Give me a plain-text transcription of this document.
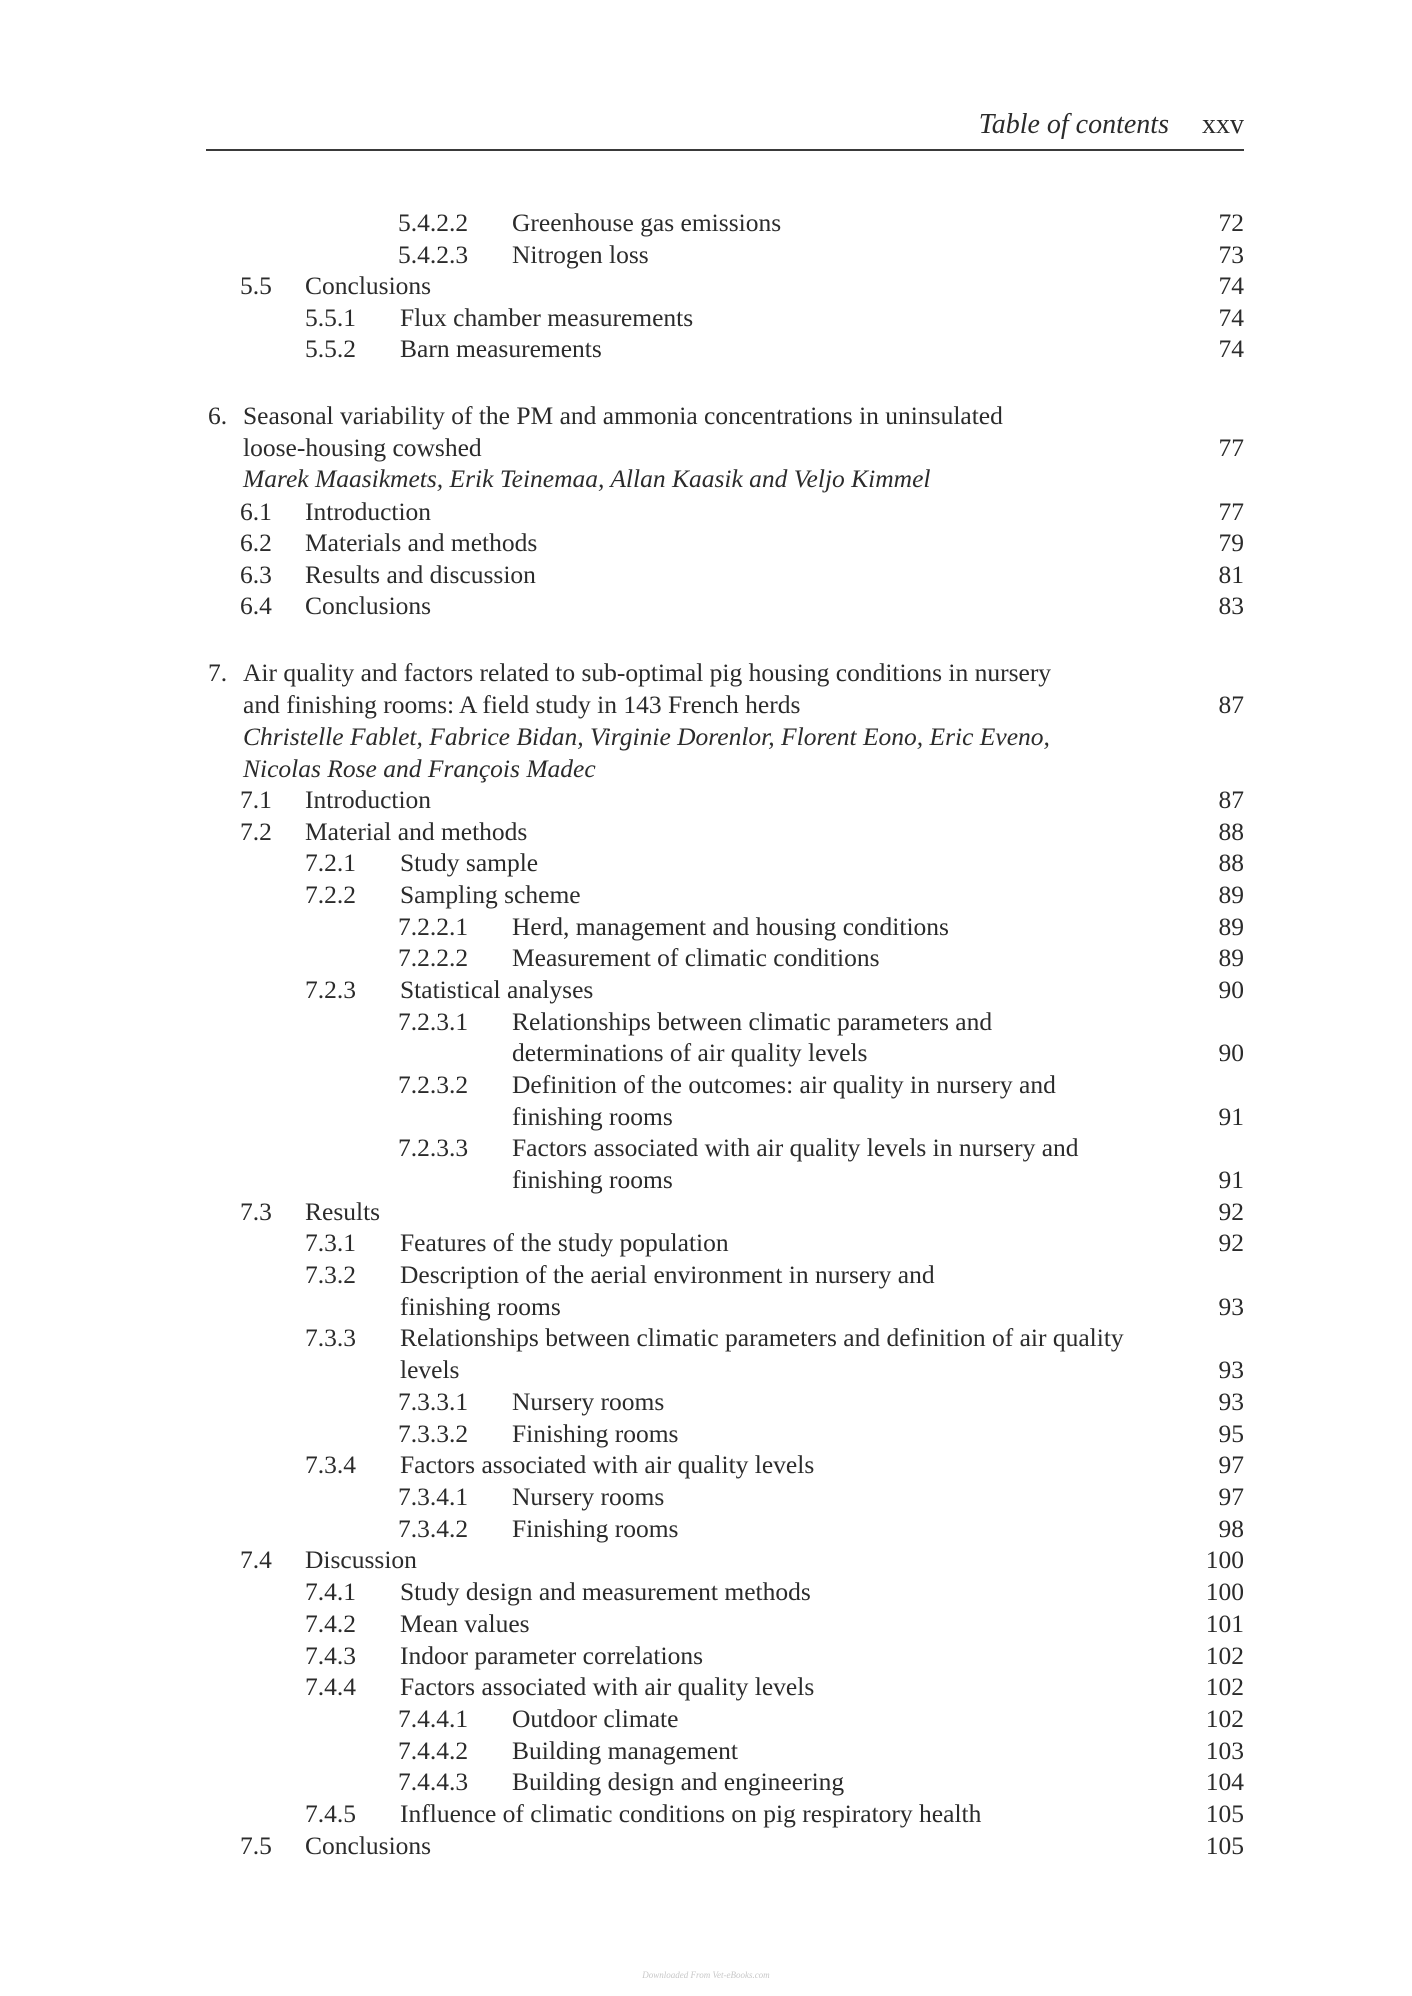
Table of contents xxv
5.4.2.2 Greenhouse gas emissions	72
5.4.2.3 Nitrogen loss	73
5.5 Conclusions	74
5.5.1 Flux chamber measurements	74
5.5.2 Barn measurements	74
6. Seasonal variability of the PM and ammonia concentrations in uninsulated
loose-housing cowshed	77
Marek Maasikmets, Erik Teinemaa, Allan Kaasik and Veljo Kimmel
6.1 Introduction	77
6.2 Materials and methods	79
6.3 Results and discussion	81
6.4 Conclusions	83
7. Air quality and factors related to sub-optimal pig housing conditions in nursery
and finishing rooms: A field study in 143 French herds	87
Christelle Fablet, Fabrice Bidan, Virginie Dorenlor, Florent Eono, Eric Eveno,
Nicolas Rose and François Madec
7.1 Introduction	87
7.2 Material and methods	88
7.2.1 Study sample	88
7.2.2 Sampling scheme	89
7.2.2.1 Herd, management and housing conditions	89
7.2.2.2 Measurement of climatic conditions	89
7.2.3 Statistical analyses	90
7.2.3.1 Relationships between climatic parameters and
determinations of air quality levels	90
7.2.3.2 Definition of the outcomes: air quality in nursery and
finishing rooms	91
7.2.3.3 Factors associated with air quality levels in nursery and
finishing rooms	91
7.3 Results	92
7.3.1 Features of the study population	92
7.3.2 Description of the aerial environment in nursery and
finishing rooms	93
7.3.3 Relationships between climatic parameters and definition of air quality
levels	93
7.3.3.1 Nursery rooms	93
7.3.3.2 Finishing rooms	95
7.3.4 Factors associated with air quality levels	97
7.3.4.1 Nursery rooms	97
7.3.4.2 Finishing rooms	98
7.4 Discussion	100
7.4.1 Study design and measurement methods	100
7.4.2 Mean values	101
7.4.3 Indoor parameter correlations	102
7.4.4 Factors associated with air quality levels	102
7.4.4.1 Outdoor climate	102
7.4.4.2 Building management	103
7.4.4.3 Building design and engineering	104
7.4.5 Influence of climatic conditions on pig respiratory health	105
7.5 Conclusions	105
Downloaded From Vet-eBooks.com
